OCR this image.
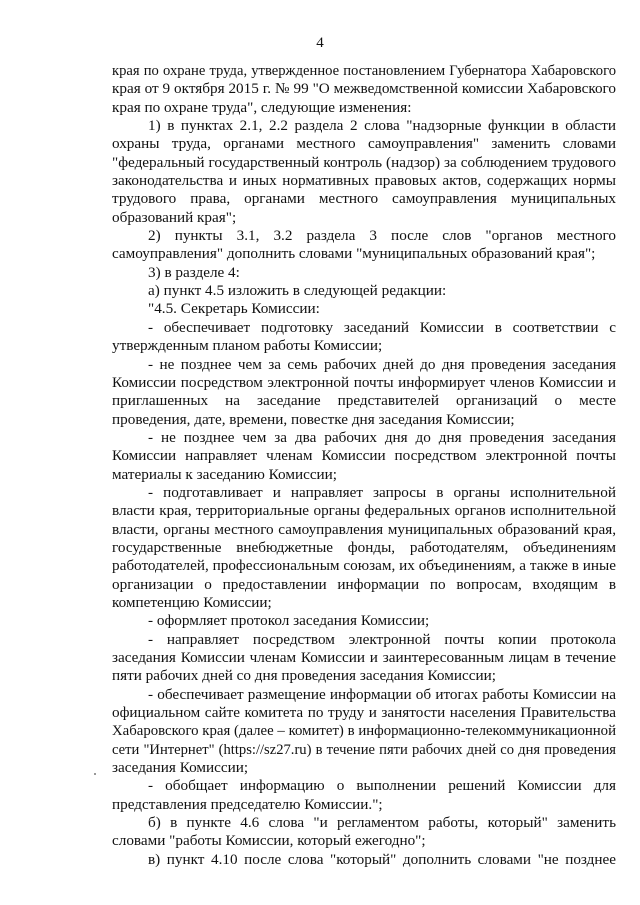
4
края по охране труда, утвержденное постановлением Губернатора Хабаровского
края от 9 октября 2015 г. № 99 "О межведомственной комиссии Хабаровского
края по охране труда", следующие изменения:
1) в пунктах 2.1, 2.2 раздела 2 слова "надзорные функции в области
охраны труда, органами местного самоуправления" заменить словами
"федеральный государственный контроль (надзор) за соблюдением трудового
законодательства и иных нормативных правовых актов, содержащих нормы
трудового права, органами местного самоуправления муниципальных
образований края";
2) пункты 3.1, 3.2 раздела 3 после слов "органов местного
самоуправления" дополнить словами "муниципальных образований края";
3) в разделе 4:
а) пункт 4.5 изложить в следующей редакции:
"4.5. Секретарь Комиссии:
- обеспечивает подготовку заседаний Комиссии в соответствии с
утвержденным планом работы Комиссии;
- не позднее чем за семь рабочих дней до дня проведения заседания
Комиссии посредством электронной почты информирует членов Комиссии и
приглашенных на заседание представителей организаций о месте
проведения, дате, времени, повестке дня заседания Комиссии;
- не позднее чем за два рабочих дня до дня проведения заседания
Комиссии направляет членам Комиссии посредством электронной почты
материалы к заседанию Комиссии;
- подготавливает и направляет запросы в органы исполнительной
власти края, территориальные органы федеральных органов исполнительной
власти, органы местного самоуправления муниципальных образований края,
государственные внебюджетные фонды, работодателям, объединениям
работодателей, профессиональным союзам, их объединениям, а также в иные
организации о предоставлении информации по вопросам, входящим в
компетенцию Комиссии;
- оформляет протокол заседания Комиссии;
- направляет посредством электронной почты копии протокола
заседания Комиссии членам Комиссии и заинтересованным лицам в течение
пяти рабочих дней со дня проведения заседания Комиссии;
- обеспечивает размещение информации об итогах работы Комиссии на
официальном сайте комитета по труду и занятости населения Правительства
Хабаровского края (далее – комитет) в информационно-телекоммуникационной
сети "Интернет" (https://sz27.ru) в течение пяти рабочих дней со дня проведения
заседания Комиссии;
- обобщает информацию о выполнении решений Комиссии для
представления председателю Комиссии.";
б) в пункте 4.6 слова "и регламентом работы, который" заменить
словами "работы Комиссии, который ежегодно";
в) пункт 4.10 после слова "который" дополнить словами "не позднее
